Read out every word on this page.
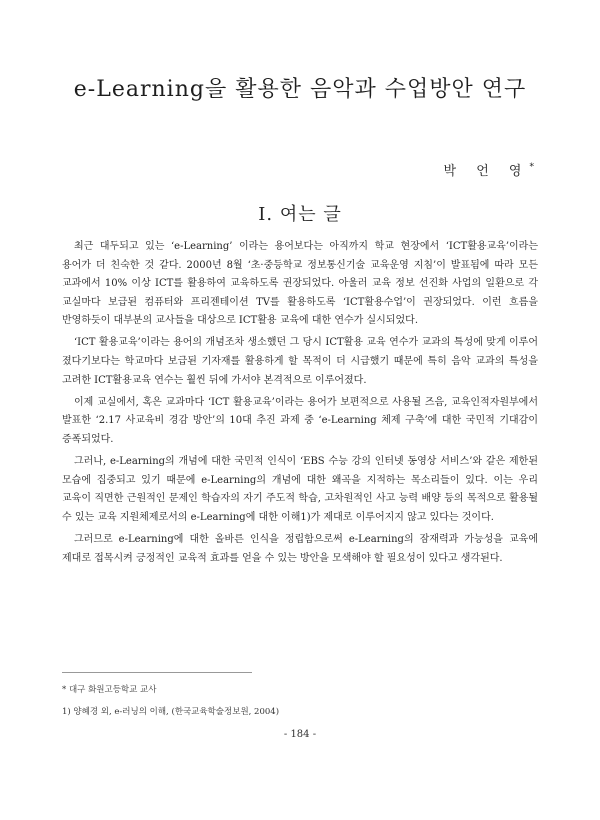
e-Learning을 활용한 음악과 수업방안 연구
박 언 영*
Ⅰ. 여는 글

최근 대두되고 있는 ‘e-Learning’ 이라는 용어보다는 아직까지 학교 현장에서 ‘ICT활용교육’이라는 용어가 더 친숙한 것 같다. 2000년 8월 ‘초·중등학교 정보통신기술 교육운영 지침’이 발표됨에 따라 모든 교과에서 10% 이상 ICT를 활용하여 교육하도록 권장되었다. 아울러 교육 정보 선진화 사업의 일환으로 각 교실마다 보급된 컴퓨터와 프리젠테이션 TV를 활용하도록 ‘ICT활용수업’이 권장되었다. 이런 흐름을 반영하듯이 대부분의 교사들을 대상으로 ICT활용 교육에 대한 연수가 실시되었다.

‘ICT 활용교육’이라는 용어의 개념조차 생소했던 그 당시 ICT활용 교육 연수가 교과의 특성에 맞게 이루어 졌다기보다는 학교마다 보급된 기자재를 활용하게 할 목적이 더 시급했기 때문에 특히 음악 교과의 특성을 고려한 ICT활용교육 연수는 훨씬 뒤에 가서야 본격적으로 이루어졌다.

이제 교실에서, 혹은 교과마다 ‘ICT 활용교육’이라는 용어가 보편적으로 사용될 즈음, 교육인적자원부에서 발표한 ‘2.17 사교육비 경감 방안’의 10대 추진 과제 중 ‘e-Learning 체제 구축’에 대한 국민적 기대감이 증폭되었다.

그러나, e-Learning의 개념에 대한 국민적 인식이 ‘EBS 수능 강의 인터넷 동영상 서비스’와 같은 제한된 모습에 집중되고 있기 때문에 e-Learning의 개념에 대한 왜곡을 지적하는 목소리들이 있다. 이는 우리 교육이 직면한 근원적인 문제인 학습자의 자기 주도적 학습, 고차원적인 사고 능력 배양 등의 목적으로 활용될 수 있는 교육 지원체제로서의 e-Learning에 대한 이해1)가 제대로 이루어지지 않고 있다는 것이다.

그러므로 e-Learning에 대한 올바른 인식을 정립함으로써 e-Learning의 잠재력과 가능성을 교육에 제대로 접목시켜 긍정적인 교육적 효과를 얻을 수 있는 방안을 모색해야 할 필요성이 있다고 생각된다.

* 대구 화원고등학교 교사
1) 양혜경 외, e-러닝의 이해, (한국교육학술정보원, 2004)
- 184 -
